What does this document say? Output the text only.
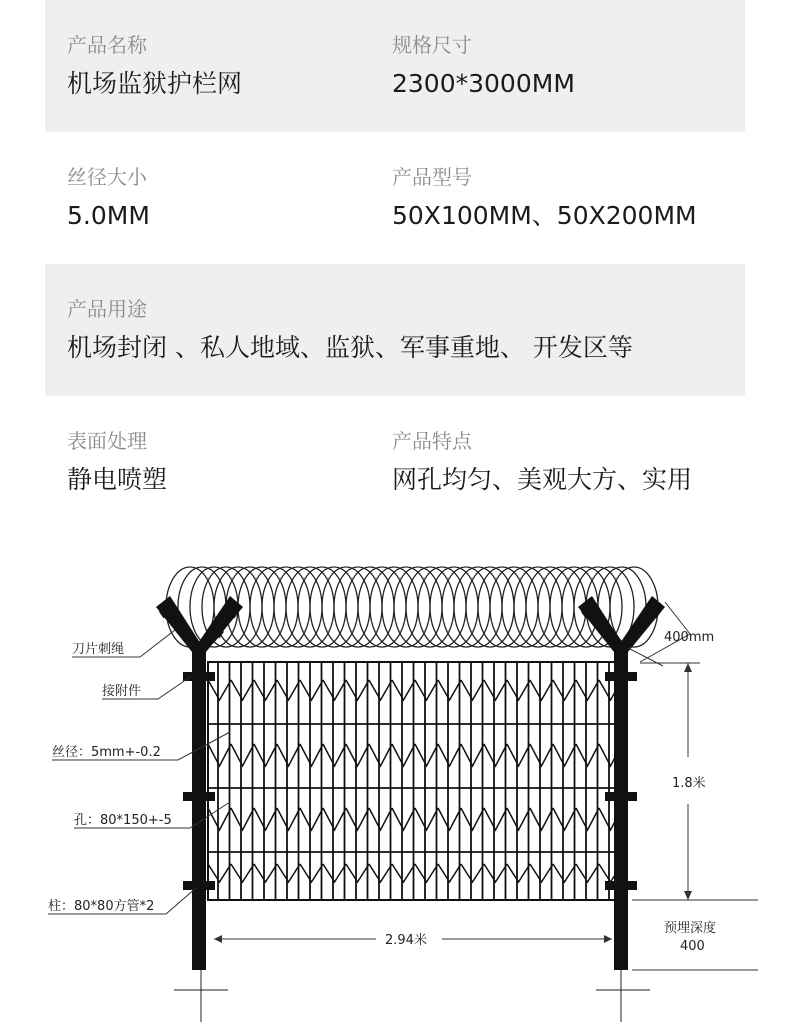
产品名称
机场监狱护栏网
规格尺寸
2300*3000MM
丝径大小
5.0MM
产品型号
50X100MM、50X200MM
产品用途
机场封闭 、私人地域、监狱、军事重地、 开发区等
表面处理
静电喷塑
产品特点
网孔均匀、美观大方、实用
刀片刺绳
接附件
丝径：5mm+-0.2
孔：80*150+-5
柱：80*80方管*2
400mm
1.8米
2.94米
预埋深度
400
